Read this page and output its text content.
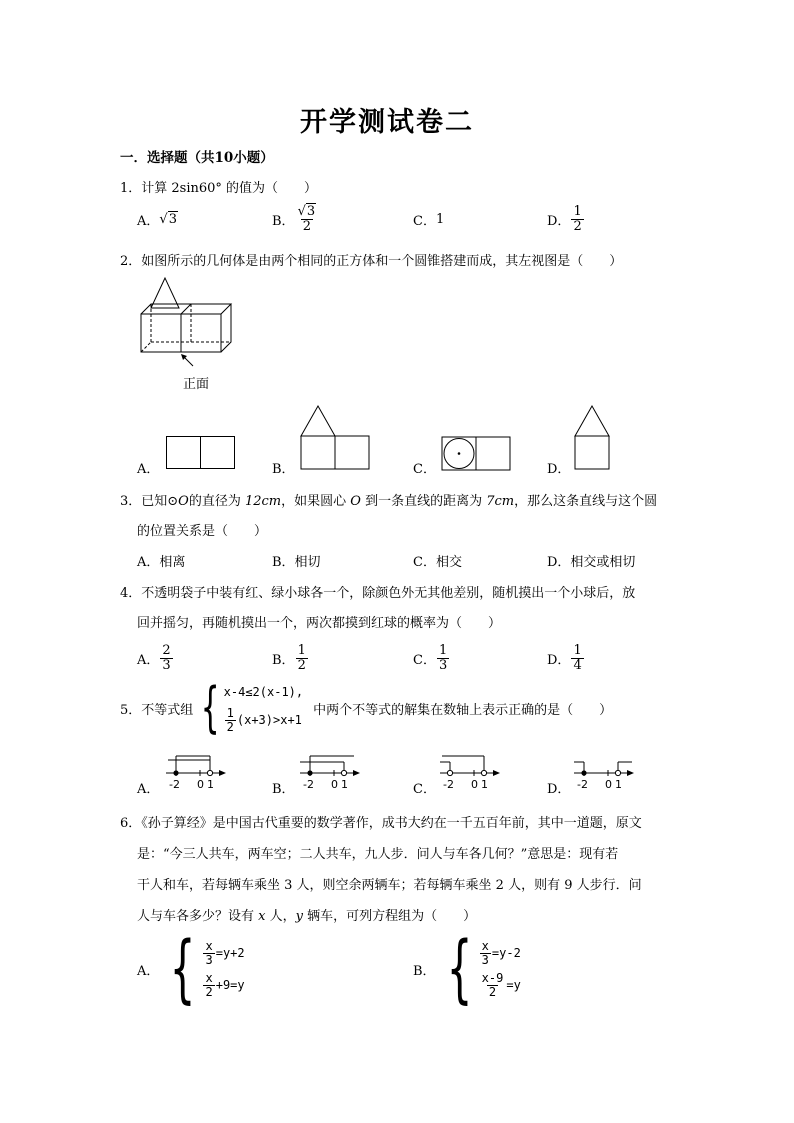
开学测试卷二
一．选择题（共10小题）
1．计算 2sin60° 的值为（　　）
A． √3	B． $\frac{√3}{2}$	C． 1	D． $\frac{1}{2}$
2．如图所示的几何体是由两个相同的正方体和一个圆锥搭建而成，其左视图是（　　）
正面
A．	B．	C．	D．
3．已知⊙O的直径为 12cm，如果圆心 O 到一条直线的距离为 7cm，那么这条直线与这个圆
的位置关系是（　　）
A．相离	B．相切	C．相交	D．相交或相切
4．不透明袋子中装有红、绿小球各一个，除颜色外无其他差别，随机摸出一个小球后，放
回并摇匀，再随机摸出一个，两次都摸到红球的概率为（　　）
A． $\frac{2}{3}$	B． $\frac{1}{2}$	C． $\frac{1}{3}$	D． $\frac{1}{4}$
5．不等式组 { x-4≤2(x-1),
$\frac{1}{2} (x+3)>x+1$
中两个不等式的解集在数轴上表示正确的是（　　）
A． -2 0 1	B． -2 0 1	C． -2 0 1	D． -2 0 1
6．《孙子算经》是中国古代重要的数学著作，成书大约在一千五百年前，其中一道题，原文
是：“今三人共车，两车空；二人共车，九人步．问人与车各几何？”意思是：现有若
干人和车，若每辆车乘坐 3 人，则空余两辆车；若每辆车乘坐 2 人，则有 9 人步行．问
人与车各多少？设有 x 人，y 辆车，可列方程组为（　　）
A． { $\frac{x}{3} =y+2$
$\frac{x}{2} +9=y$
B． { $\frac{x}{3} =y-2$
$\frac{x-9}{2} =y$
